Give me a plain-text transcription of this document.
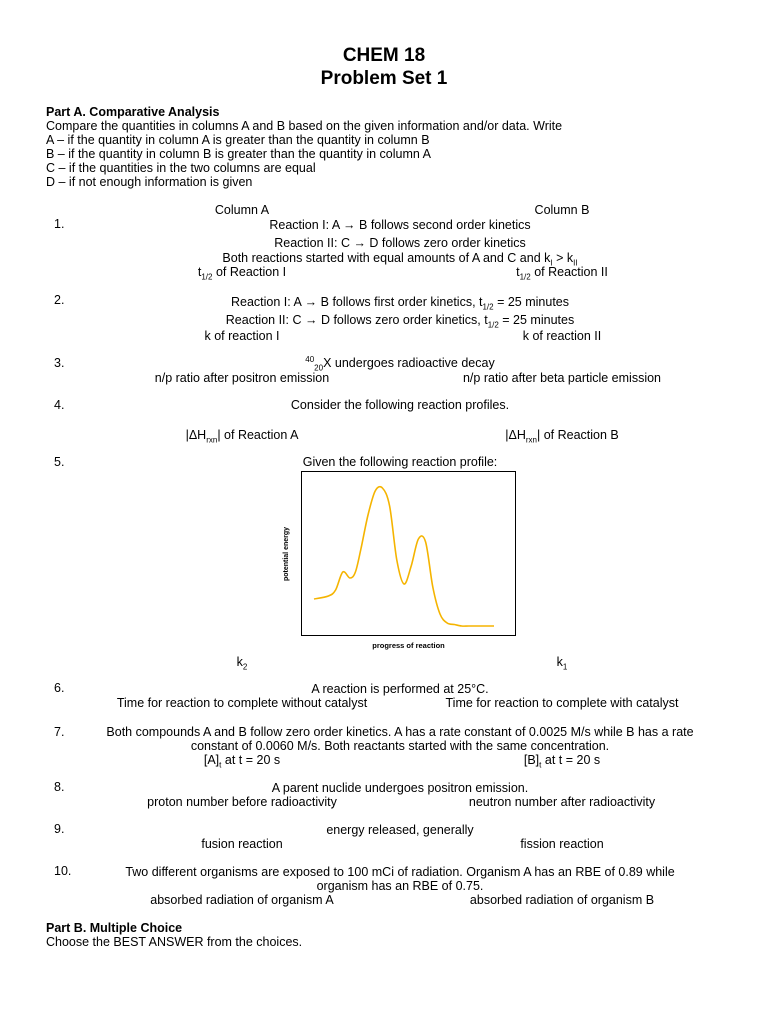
CHEM 18
Problem Set 1
Part A. Comparative Analysis
Compare the quantities in columns A and B based on the given information and/or data. Write
A – if the quantity in column A is greater than the quantity in column B
B – if the quantity in column B is greater than the quantity in column A
C – if the quantities in the two columns are equal
D – if not enough information is given
Column A	Column B
1.	Reaction I: A → B follows second order kinetics
Reaction II: C → D follows zero order kinetics
Both reactions started with equal amounts of A and C and $k_I > k_{II}$
$t_{1/2}$ of Reaction I	$t_{1/2}$ of Reaction II
2.	Reaction I: A → B follows first order kinetics, $t_{1/2} = 25$ minutes
Reaction II: C → D follows zero order kinetics, $t_{1/2} = 25$ minutes
k of reaction I	k of reaction II
3.	$^{40}_{20}$X undergoes radioactive decay
n/p ratio after positron emission	n/p ratio after beta particle emission
4.	Consider the following reaction profiles.
$|\Delta H_{rxn}|$ of Reaction A	$|\Delta H_{rxn}|$ of Reaction B
5.	Given the following reaction profile:
potential energy
progress of reaction
$k_2$	$k_1$
6.	A reaction is performed at 25°C.
Time for reaction to complete without catalyst	Time for reaction to complete with catalyst
7.	Both compounds A and B follow zero order kinetics. A has a rate constant of 0.0025 M/s while B has a rate
constant of 0.0060 M/s. Both reactants started with the same concentration.
$[A]_t$ at t = 20 s	$[B]_t$ at t = 20 s
8.	A parent nuclide undergoes positron emission.
proton number before radioactivity	neutron number after radioactivity
9.	energy released, generally
fusion reaction	fission reaction
10.	Two different organisms are exposed to 100 mCi of radiation. Organism A has an RBE of 0.89 while
organism has an RBE of 0.75.
absorbed radiation of organism A	absorbed radiation of organism B
Part B. Multiple Choice
Choose the BEST ANSWER from the choices.
